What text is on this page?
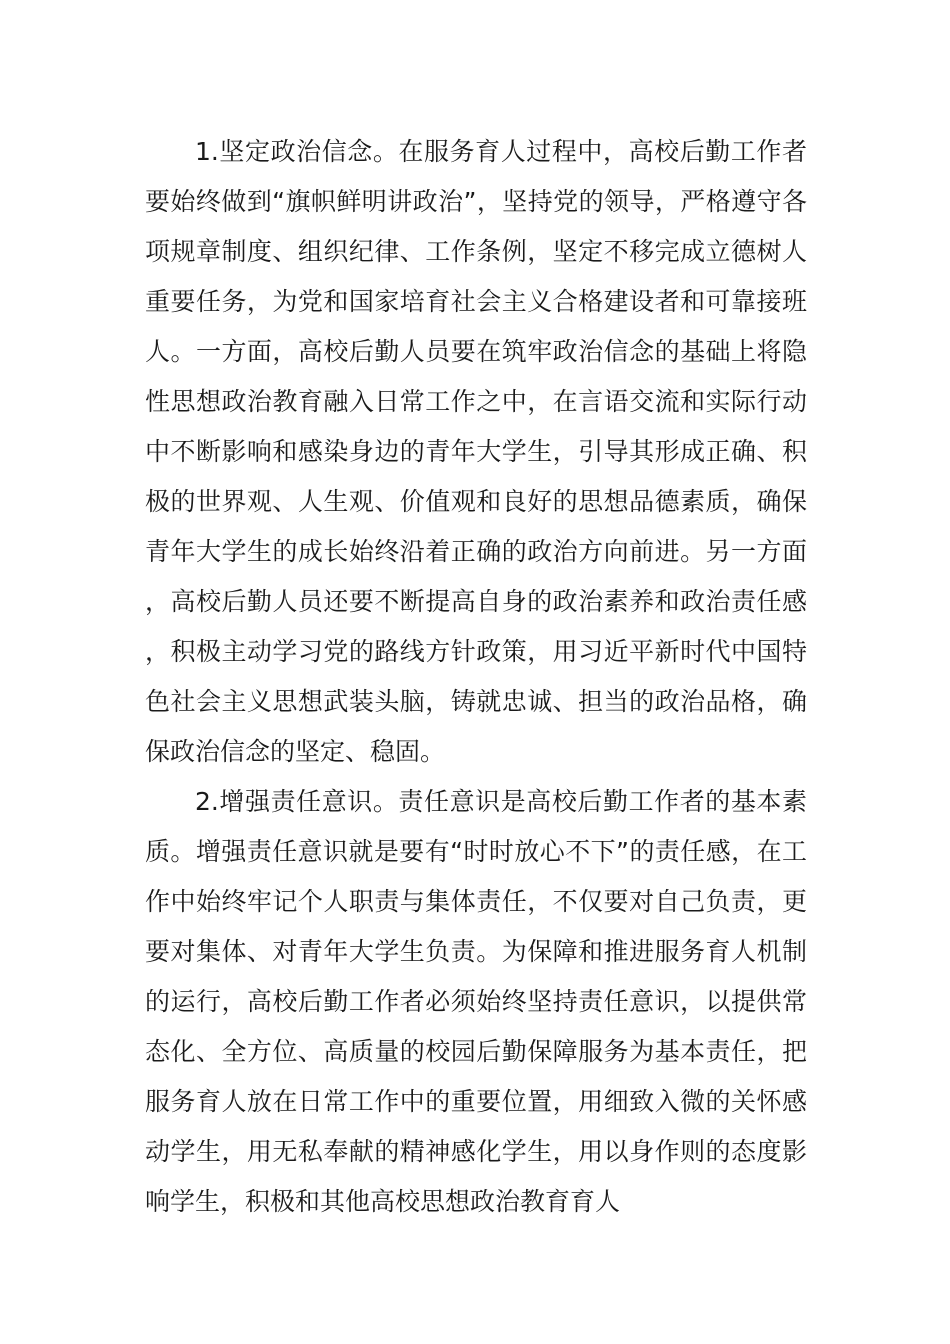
1.坚定政治信念。在服务育人过程中，高校后勤工作者要始终做到“旗帜鲜明讲政治”，坚持党的领导，严格遵守各项规章制度、组织纪律、工作条例，坚定不移完成立德树人重要任务，为党和国家培育社会主义合格建设者和可靠接班人。一方面，高校后勤人员要在筑牢政治信念的基础上将隐性思想政治教育融入日常工作之中，在言语交流和实际行动中不断影响和感染身边的青年大学生，引导其形成正确、积极的世界观、人生观、价值观和良好的思想品德素质，确保青年大学生的成长始终沿着正确的政治方向前进。另一方面，高校后勤人员还要不断提高自身的政治素养和政治责任感，积极主动学习党的路线方针政策，用习近平新时代中国特色社会主义思想武装头脑，铸就忠诚、担当的政治品格，确保政治信念的坚定、稳固。

2.增强责任意识。责任意识是高校后勤工作者的基本素质。增强责任意识就是要有“时时放心不下”的责任感，在工作中始终牢记个人职责与集体责任，不仅要对自己负责，更要对集体、对青年大学生负责。为保障和推进服务育人机制的运行，高校后勤工作者必须始终坚持责任意识，以提供常态化、全方位、高质量的校园后勤保障服务为基本责任，把服务育人放在日常工作中的重要位置，用细致入微的关怀感动学生，用无私奉献的精神感化学生，用以身作则的态度影响学生，积极和其他高校思想政治教育育人
